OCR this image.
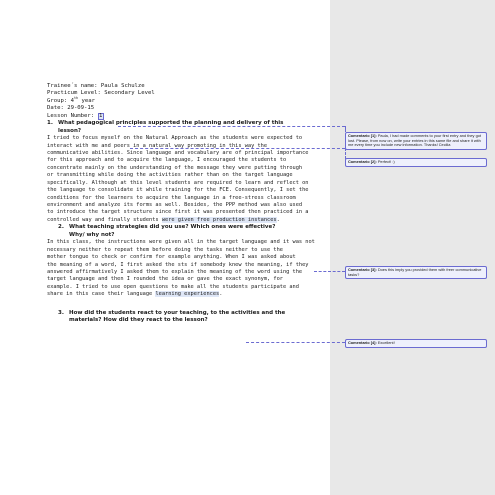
Trainee´s name: Paula Schulze
Practicum Level: Secondary Level
Group: 4th year
Date: 29-09-15
Lesson Number: 1
1. What pedagogical principles supported the planning and delivery of this
lesson?
I tried to focus myself on the Natural Approach as the students were expected to
interact with me and peers in a natural way promoting in this way the
communicative abilities. Since language and vocabulary are of principal importance
for this approach and to acquire the language, I encouraged the students to
concentrate mainly on the understanding of the message they were putting through
or transmitting while doing the activities rather than on the target language
specifically. Although at this level students are required to learn and reflect on
the language to consolidate it while training for the FCE. Consequently, I set the
conditions for the learners to acquire the language in a free-stress classroom
environment and analyze its forms as well. Besides, the PPP method was also used
to introduce the target structure since first it was presented then practiced in a
controlled way and finally students were given free production instances.
2. What teaching strategies did you use? Which ones were effective?
Why/ why not?
In this class, the instructions were given all in the target language and it was not
necessary neither to repeat them before doing the tasks neither to use the
mother tongue to check or confirm for example anything. When I was asked about
the meaning of a word, I first asked the sts if somebody knew the meaning, if they
answered affirmatively I asked them to explain the meaning of the word using the
target language and then I rounded the idea or gave the exact synonym, for
example. I tried to use open questions to make all the students participate and
share in this case their language learning experiences.
3. How did the students react to your teaching, to the activities and the
materials? How did they react to the lesson?
Comentario [1]: Paula, I had made comments to your first entry and they got lost. Please, from now on, write your entries in this same file and share it with me every time you include new information. Thanks! Cecilia
Comentario [2]: Perfect! :)
Comentario [3]: Does this imply you provided them with freer communicative tasks?
Comentario [4]: Excellent!
